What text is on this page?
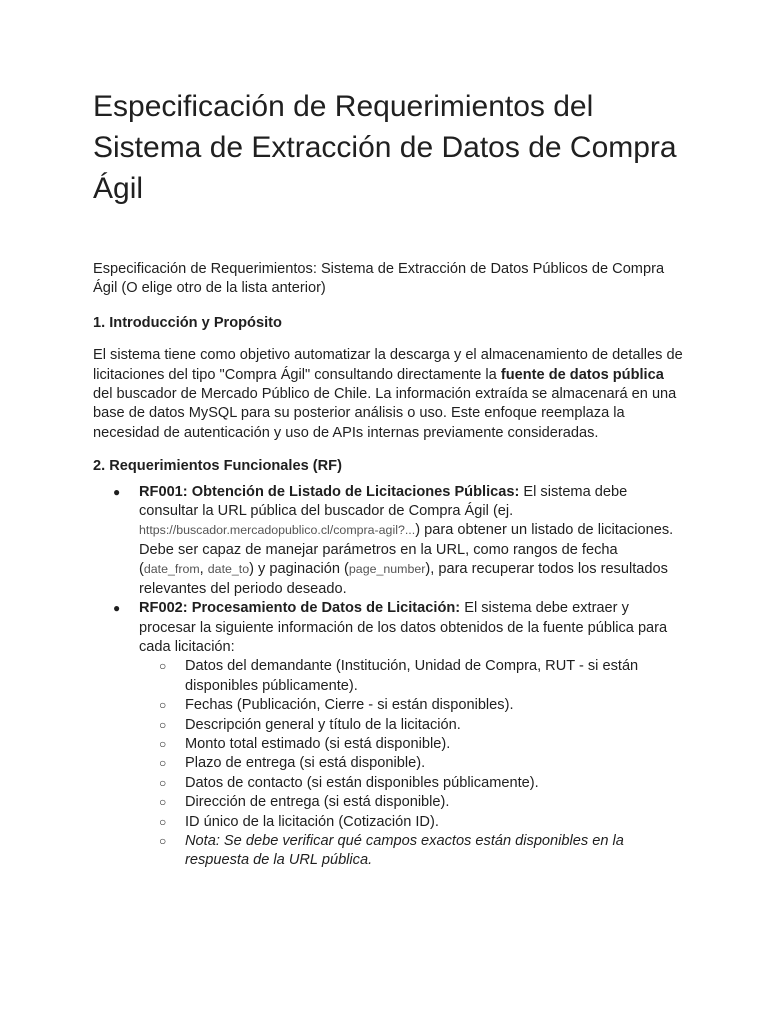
Especificación de Requerimientos del Sistema de Extracción de Datos de Compra Ágil

Especificación de Requerimientos: Sistema de Extracción de Datos Públicos de Compra Ágil (O elige otro de la lista anterior)

1. Introducción y Propósito

El sistema tiene como objetivo automatizar la descarga y el almacenamiento de detalles de licitaciones del tipo "Compra Ágil" consultando directamente la fuente de datos pública del buscador de Mercado Público de Chile. La información extraída se almacenará en una base de datos MySQL para su posterior análisis o uso. Este enfoque reemplaza la necesidad de autenticación y uso de APIs internas previamente consideradas.

2. Requerimientos Funcionales (RF)
● RF001: Obtención de Listado de Licitaciones Públicas: El sistema debe consultar la URL pública del buscador de Compra Ágil (ej. https://buscador.mercadopublico.cl/compra-agil?...) para obtener un listado de licitaciones. Debe ser capaz de manejar parámetros en la URL, como rangos de fecha (date_from, date_to) y paginación (page_number), para recuperar todos los resultados relevantes del periodo deseado.
● RF002: Procesamiento de Datos de Licitación: El sistema debe extraer y procesar la siguiente información de los datos obtenidos de la fuente pública para cada licitación:
○ Datos del demandante (Institución, Unidad de Compra, RUT - si están disponibles públicamente).
○ Fechas (Publicación, Cierre - si están disponibles).
○ Descripción general y título de la licitación.
○ Monto total estimado (si está disponible).
○ Plazo de entrega (si está disponible).
○ Datos de contacto (si están disponibles públicamente).
○ Dirección de entrega (si está disponible).
○ ID único de la licitación (Cotización ID).
○ Nota: Se debe verificar qué campos exactos están disponibles en la respuesta de la URL pública.
